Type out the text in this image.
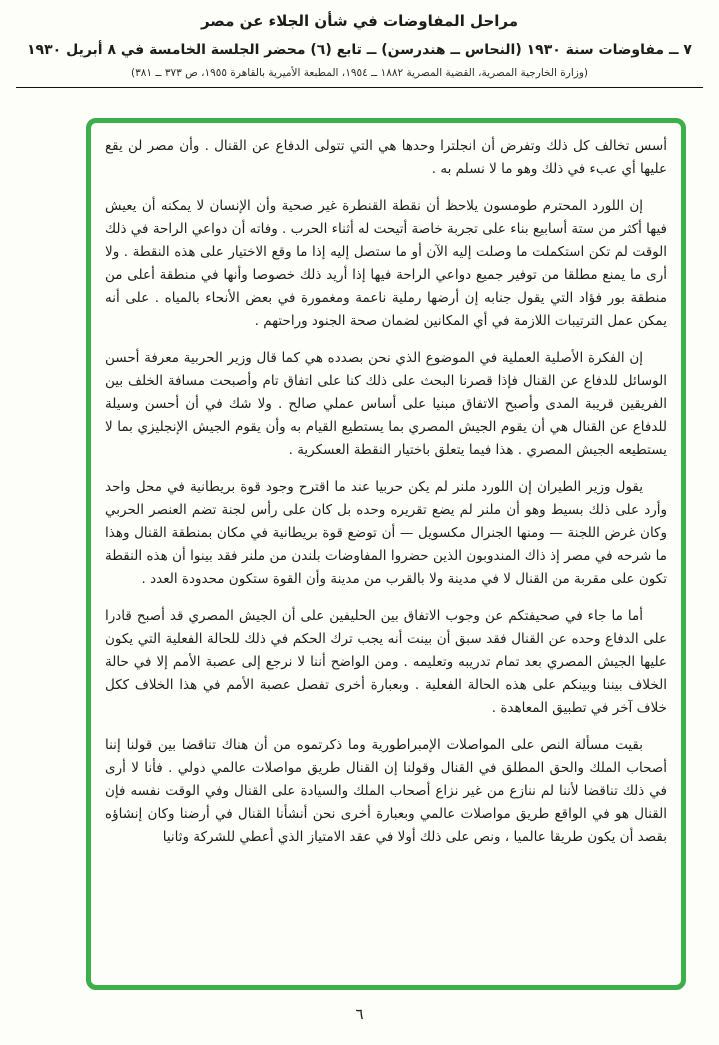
مراحل المفاوضات في شأن الجلاء عن مصر
٧ ــ مفاوضات سنة ١٩٣٠ (النحاس ــ هندرسن) ــ تابع (٦) محضر الجلسة الخامسة في ٨ أبريل ١٩٣٠
(وزارة الخارجية المصرية، القضية المصرية ١٨٨٢ ــ ١٩٥٤، المطبعة الأميرية بالقاهرة ١٩٥٥، ص ٣٧٣ ــ ٣٨١)

أسس تخالف كل ذلك وتفرض أن انجلترا وحدها هي التي تتولى الدفاع عن القنال . وأن مصر لن يقع عليها أي عبء في ذلك وهو ما لا نسلم به .

إن اللورد المحترم طومسون يلاحظ أن نقطة القنطرة غير صحية وأن الإنسان لا يمكنه أن يعيش فيها أكثر من ستة أسابيع بناء على تجربة خاصة أتيحت له أثناء الحرب . وفاته أن دواعي الراحة في ذلك الوقت لم تكن استكملت ما وصلت إليه الآن أو ما ستصل إليه إذا ما وقع الاختيار على هذه النقطة . ولا أرى ما يمنع مطلقا من توفير جميع دواعي الراحة فيها إذا أريد ذلك خصوصا وأنها في منطقة أعلى من منطقة بور فؤاد التي يقول جنابه إن أرضها رملية ناعمة ومغمورة في بعض الأنحاء بالمياه . على أنه يمكن عمل الترتيبات اللازمة في أي المكانين لضمان صحة الجنود وراحتهم .

إن الفكرة الأصلية العملية في الموضوع الذي نحن بصدده هي كما قال وزير الحربية معرفة أحسن الوسائل للدفاع عن القنال فإذا قصرنا البحث على ذلك كنا على اتفاق تام وأصبحت مسافة الخلف بين الفريقين قريبة المدى وأصبح الاتفاق مبنيا على أساس عملي صالح . ولا شك في أن أحسن وسيلة للدفاع عن القنال هي أن يقوم الجيش المصري بما يستطيع القيام به وأن يقوم الجيش الإنجليزي بما لا يستطيعه الجيش المصري . هذا فيما يتعلق باختيار النقطة العسكرية .

يقول وزير الطيران إن اللورد ملنر لم يكن حربيا عند ما اقترح وجود قوة بريطانية في محل واحد وأرد على ذلك بسيط وهو أن ملنر لم يضع تقريره وحده بل كان على رأس لجنة تضم العنصر الحربي وكان غرض اللجنة — ومنها الجنرال مكسويل — أن توضع قوة بريطانية في مكان بمنطقة القنال وهذا ما شرحه في مصر إذ ذاك المندوبون الذين حضروا المفاوضات بلندن من ملنر فقد بينوا أن هذه النقطة تكون على مقربة من القنال لا في مدينة ولا بالقرب من مدينة وأن القوة ستكون محدودة العدد .

أما ما جاء في صحيفتكم عن وجوب الاتفاق بين الحليفين على أن الجيش المصري قد أصبح قادرا على الدفاع وحده عن القنال فقد سبق أن بينت أنه يجب ترك الحكم في ذلك للحالة الفعلية التي يكون عليها الجيش المصري بعد تمام تدريبه وتعليمه . ومن الواضح أننا لا نرجع إلى عصبة الأمم إلا في حالة الخلاف بيننا وبينكم على هذه الحالة الفعلية . وبعبارة أخرى تفصل عصبة الأمم في هذا الخلاف ككل خلاف آخر في تطبيق المعاهدة .

بقيت مسألة النص على المواصلات الإمبراطورية وما ذكرتموه من أن هناك تناقضا بين قولنا إننا أصحاب الملك والحق المطلق في القنال وقولنا إن القنال طريق مواصلات عالمي دولي . فأنا لا أرى في ذلك تناقضا لأننا لم ننازع من غير نزاع أصحاب الملك والسيادة على القنال وفي الوقت نفسه فإن القنال هو في الواقع طريق مواصلات عالمي وبعبارة أخرى نحن أنشأنا القنال في أرضنا وكان إنشاؤه بقصد أن يكون طريقا عالميا ، ونص على ذلك أولا في عقد الامتياز الذي أعطي للشركة وثانيا

٦
